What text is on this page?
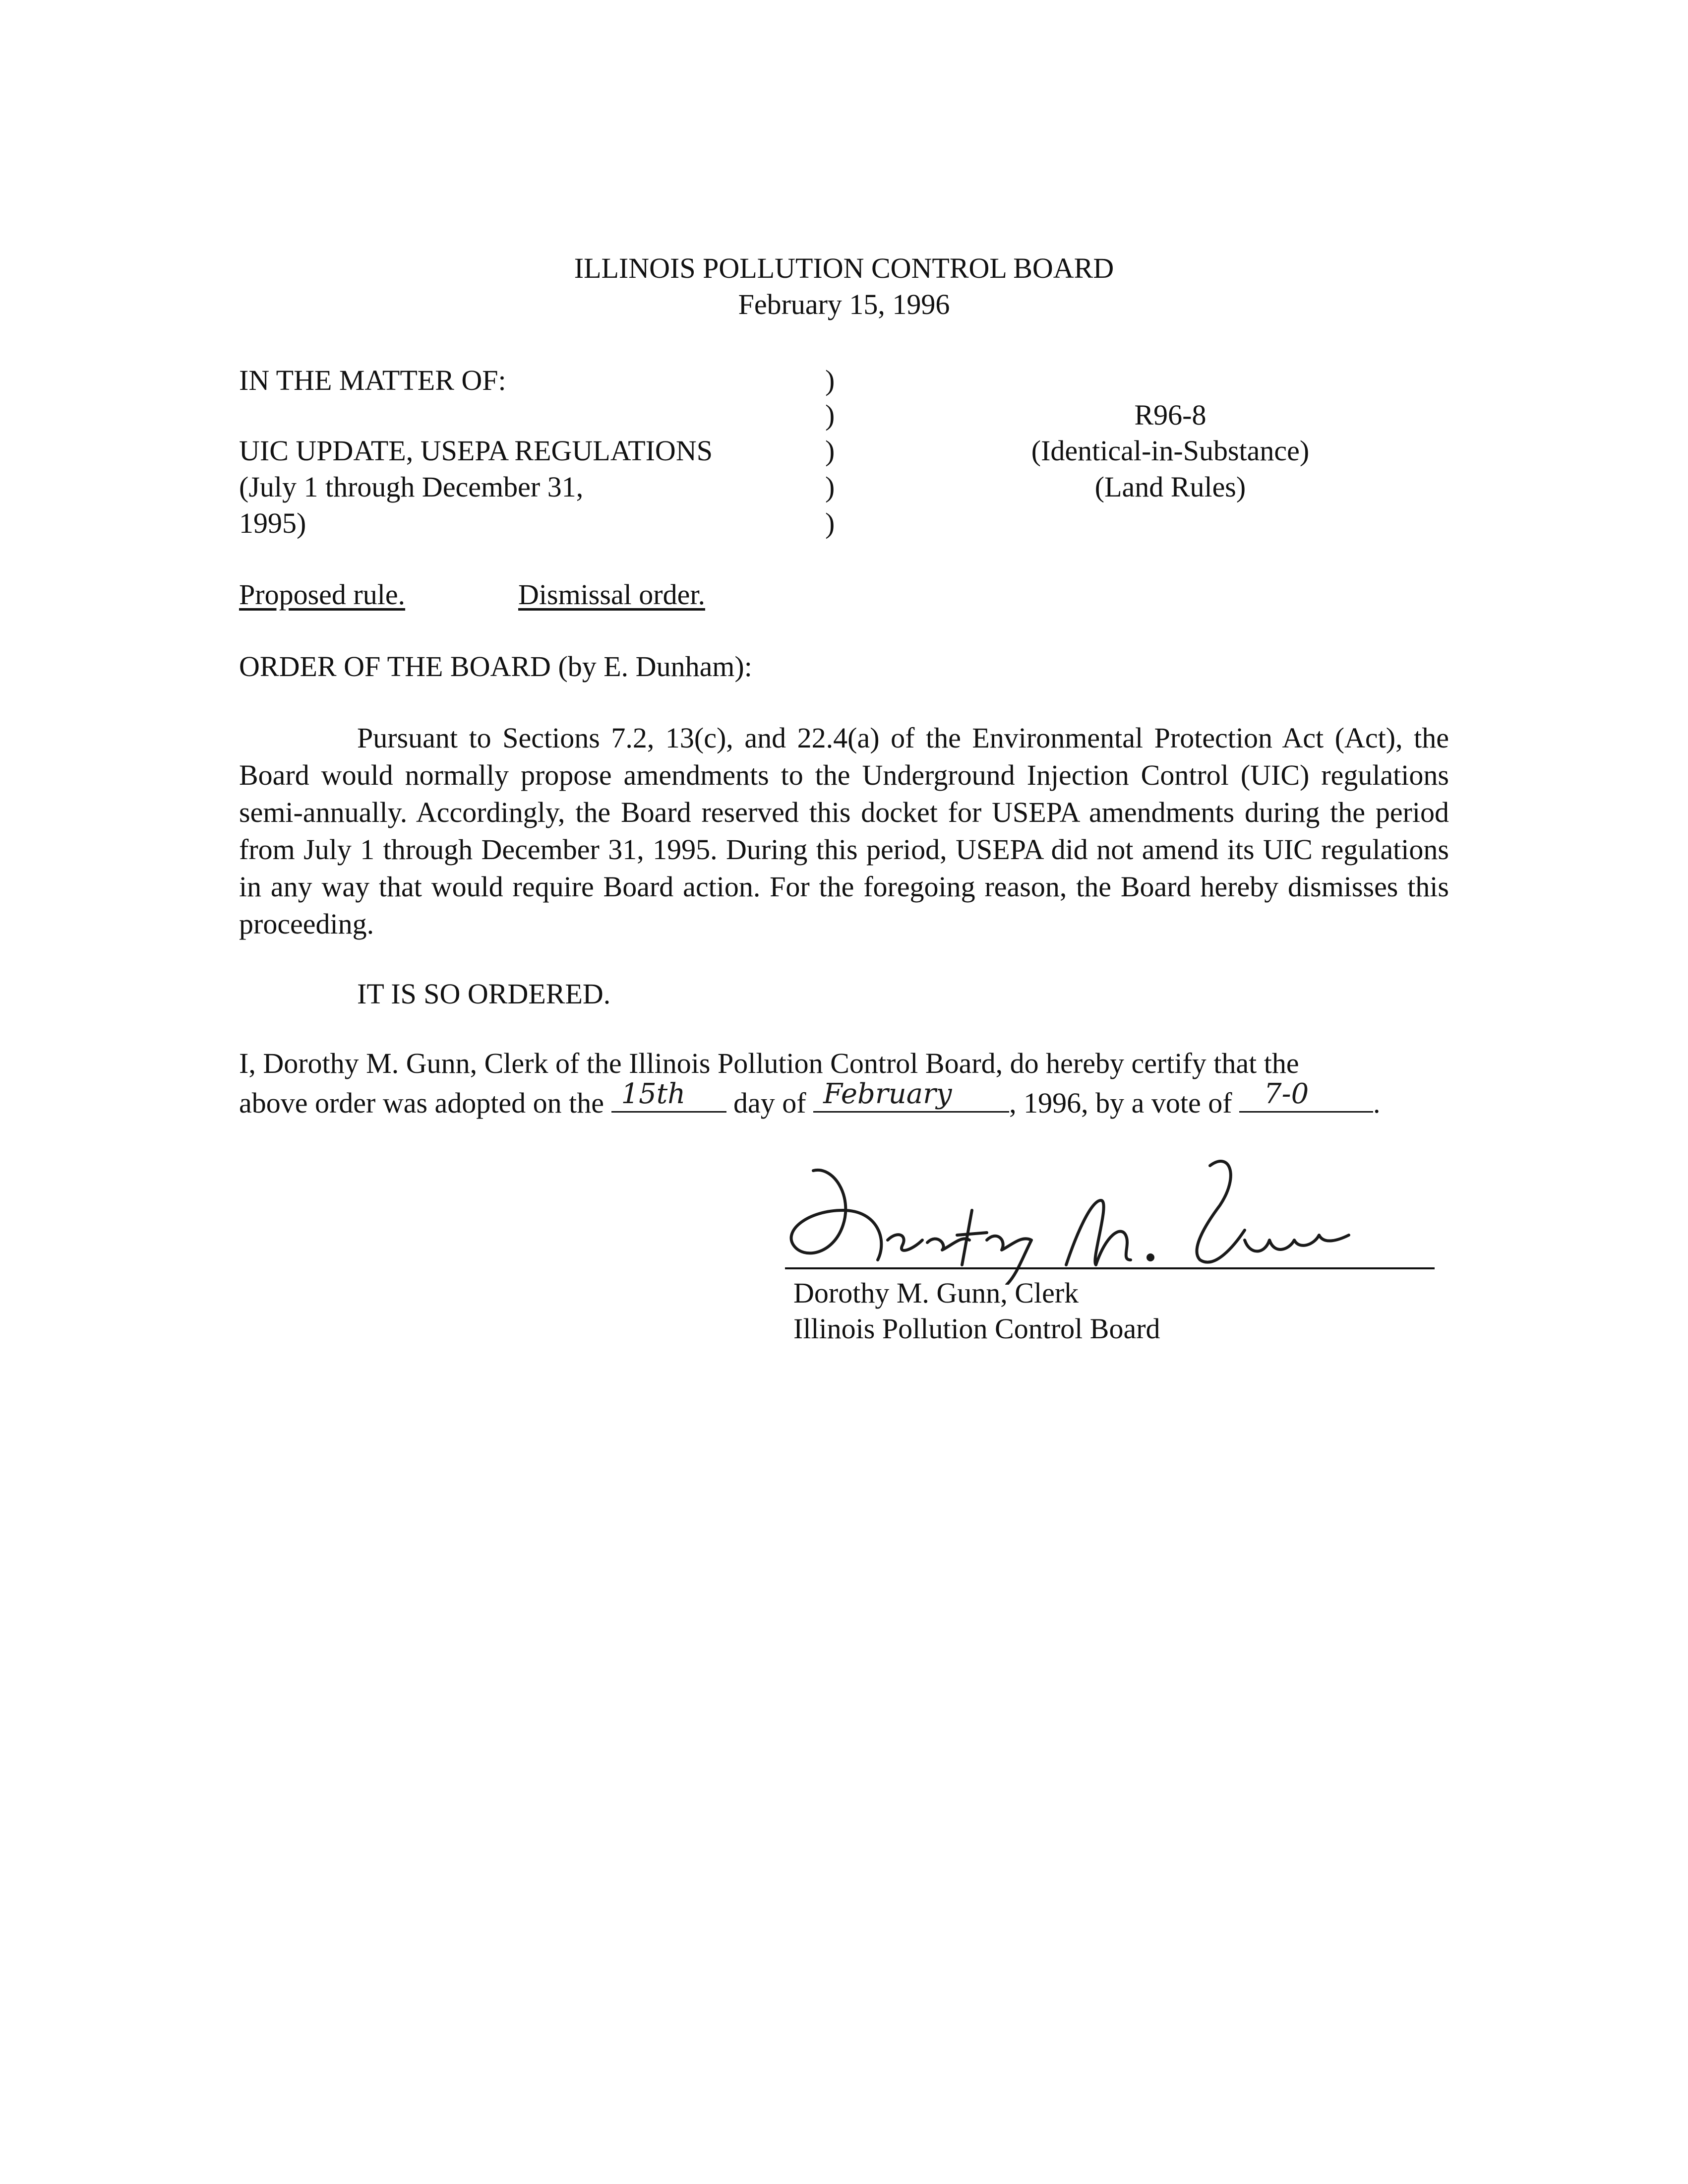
ILLINOIS POLLUTION CONTROL BOARD
February 15, 1996
IN THE MATTER OF:
UIC UPDATE, USEPA REGULATIONS
(July 1 through December 31,
1995)
)
)
)
)
)
R96-8
(Identical-in-Substance)
(Land Rules)
Proposed rule.	Dismissal order.
ORDER OF THE BOARD (by E. Dunham):
Pursuant to Sections 7.2, 13(c), and 22.4(a) of the Environmental Protection Act (Act), the Board would normally propose amendments to the Underground Injection Control (UIC) regulations semi-annually. Accordingly, the Board reserved this docket for USEPA amendments during the period from July 1 through December 31, 1995. During this period, USEPA did not amend its UIC regulations in any way that would require Board action. For the foregoing reason, the Board hereby dismisses this proceeding.
IT IS SO ORDERED.
I, Dorothy M. Gunn, Clerk of the Illinois Pollution Control Board, do hereby certify that the
above order was adopted on the 15th day of February , 1996, by a vote of 7-0 .
Dorothy M. Gunn, Clerk
Illinois Pollution Control Board
